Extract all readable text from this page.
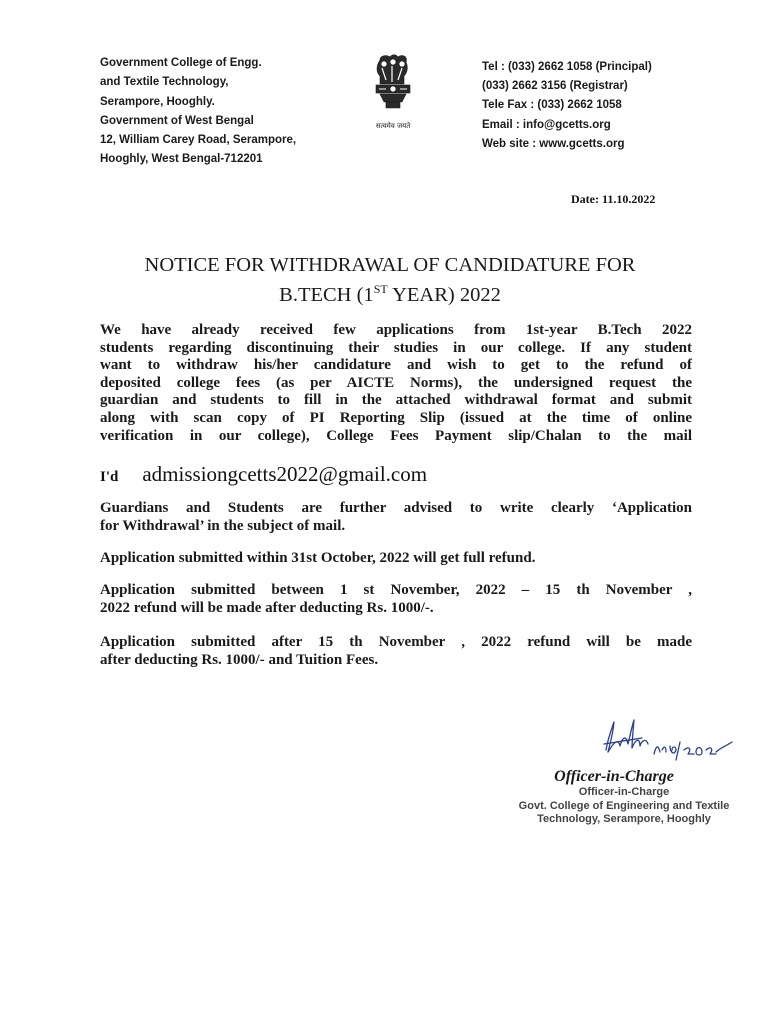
Government College of Engg.
and Textile Technology,
Serampore, Hooghly.
Government of West Bengal
12, William Carey Road, Serampore,
Hooghly, West Bengal-712201
सत्यमेव जयते
Tel : (033) 2662 1058 (Principal)
(033) 2662 3156 (Registrar)
Tele Fax : (033) 2662 1058
Email : info@gcetts.org
Web site : www.gcetts.org
Date: 11.10.2022
NOTICE FOR WITHDRAWAL OF CANDIDATURE FOR
B.TECH (1ST YEAR) 2022
We have already received few applications from 1st-year B.Tech 2022
students regarding discontinuing their studies in our college. If any student
want to withdraw his/her candidature and wish to get to the refund of
deposited college fees (as per AICTE Norms), the undersigned request the
guardian and students to fill in the attached withdrawal format and submit
along with scan copy of PI Reporting Slip (issued at the time of online
verification in our college), College Fees Payment slip/Chalan to the mail
I'd admissiongcetts2022@gmail.com
Guardians and Students are further advised to write clearly ‘Application
for Withdrawal’ in the subject of mail.
Application submitted within 31st October, 2022 will get full refund.
Application submitted between 1 st November, 2022 – 15 th November ,
2022 refund will be made after deducting Rs. 1000/-.
Application submitted after 15 th November , 2022 refund will be made
after deducting Rs. 1000/- and Tuition Fees.
Officer-in-Charge
Officer-in-Charge
Govt. College of Engineering and Textile
Technology, Serampore, Hooghly
